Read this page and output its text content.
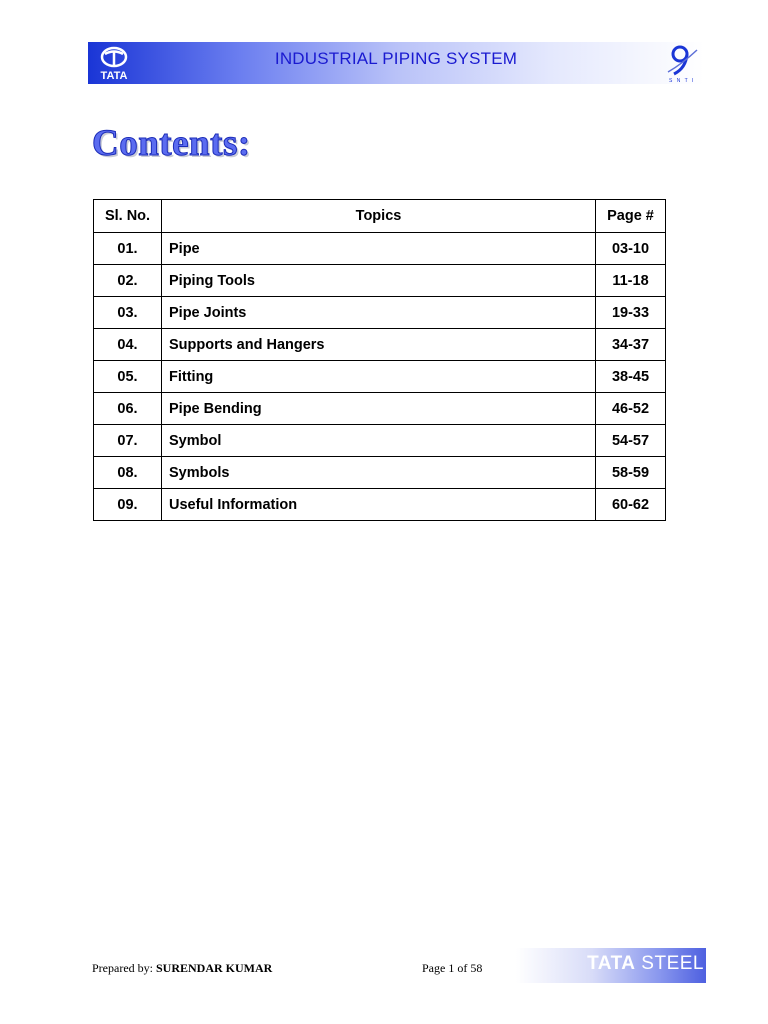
TATA
INDUSTRIAL PIPING SYSTEM
S N T I
Contents:
Sl. No.	Topics	Page #
01.	Pipe	03-10
02.	Piping Tools	11-18
03.	Pipe Joints	19-33
04.	Supports and Hangers	34-37
05.	Fitting	38-45
06.	Pipe Bending	46-52
07.	Symbol	54-57
08.	Symbols	58-59
09.	Useful Information	60-62
Prepared by: SURENDAR KUMAR	Page 1 of 58	TATA STEEL
